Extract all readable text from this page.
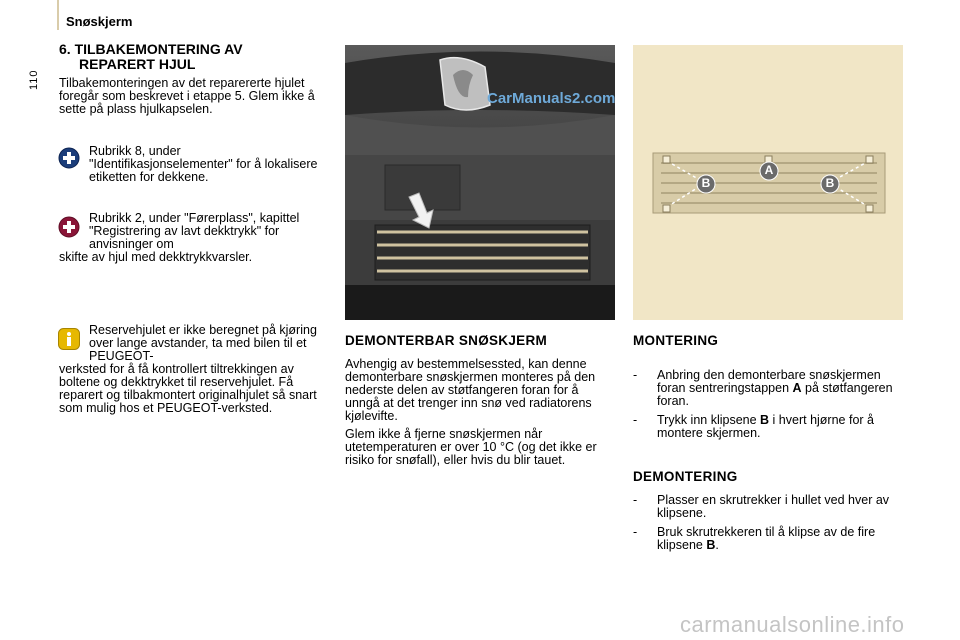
Snøskjerm
110
6. TILBAKEMONTERING AV
REPARERT HJUL
Tilbakemonteringen av det reparererte hjulet foregår som beskrevet i etappe 5. Glem ikke å sette på plass hjulkapselen.
Rubrikk 8, under "Identifikasjonselementer" for å lokalisere etiketten for dekkene.
Rubrikk 2, under "Førerplass", kapittel "Registrering av lavt dekktrykk" for anvisninger om
skifte av hjul med dekktrykkvarsler.
Reservehjulet er ikke beregnet på kjøring over lange avstander, ta med bilen til et PEUGEOT-
verksted for å få kontrollert tiltrekkingen av boltene og dekktrykket til reservehjulet. Få reparert og tilbakmontert originalhjulet så snart som mulig hos et PEUGEOT-verksted.
CarManuals2.com
B
A
B
DEMONTERBAR SNØSKJERM

Avhengig av bestemmelsessted, kan denne demonterbare snøskjermen monteres på den nederste delen av støtfangeren foran for å unngå at det trenger inn snø ved radiatorens kjølevifte.

Glem ikke å fjerne snøskjermen når utetemperaturen er over 10 °C (og det ikke er risiko for snøfall), eller hvis du blir tauet.

MONTERING
- Anbring den demonterbare snøskjermen foran sentreringstappen A på støtfangeren foran.
- Trykk inn klipsene B i hvert hjørne for å montere skjermen.
DEMONTERING
- Plasser en skrutrekker i hullet ved hver av klipsene.
- Bruk skrutrekkeren til å klipse av de fire klipsene B.
carmanualsonline.info
